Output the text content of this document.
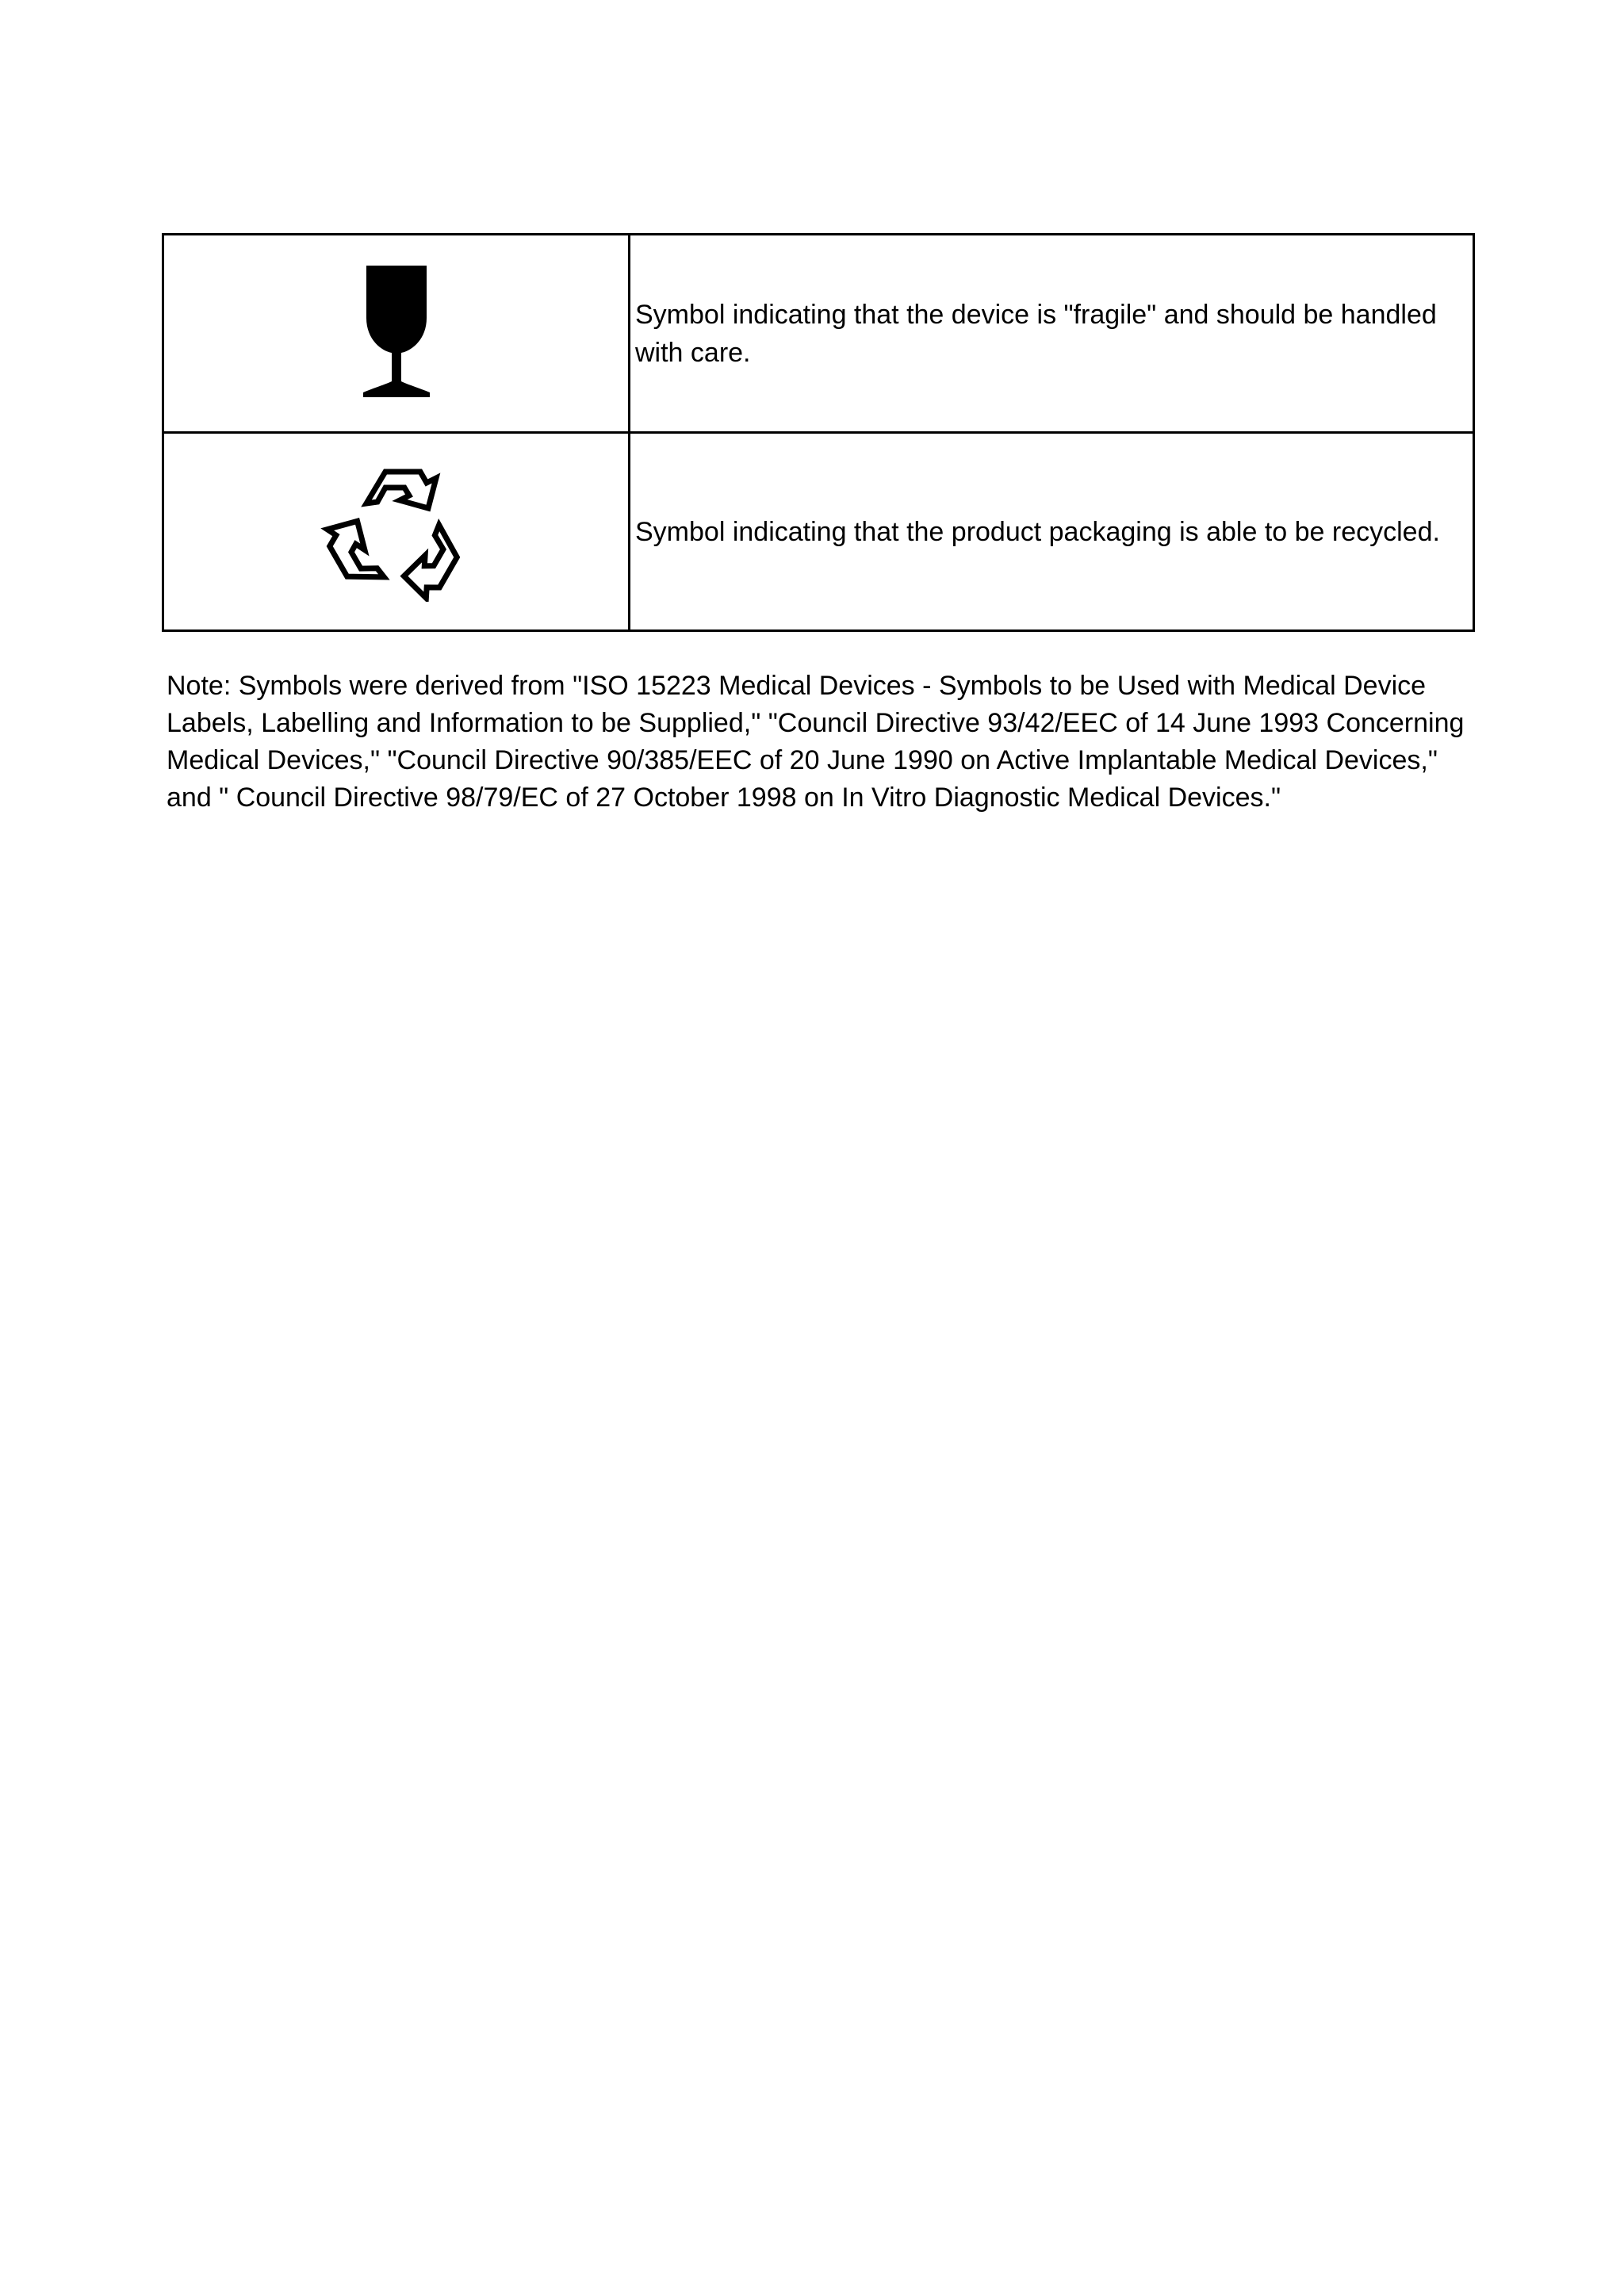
	Symbol indicating that the device is "fragile" and should be handled with care.
	Symbol indicating that the product packaging is able to be recycled.

Note: Symbols were derived from "ISO 15223 Medical Devices - Symbols to be Used with Medical Device Labels, Labelling and Information to be Supplied," "Council Directive 93/42/EEC of 14 June 1993 Concerning Medical Devices," "Council Directive 90/385/EEC of 20 June 1990 on Active Implantable Medical Devices," and " Council Directive 98/79/EC of 27 October 1998 on In Vitro Diagnostic Medical Devices."
